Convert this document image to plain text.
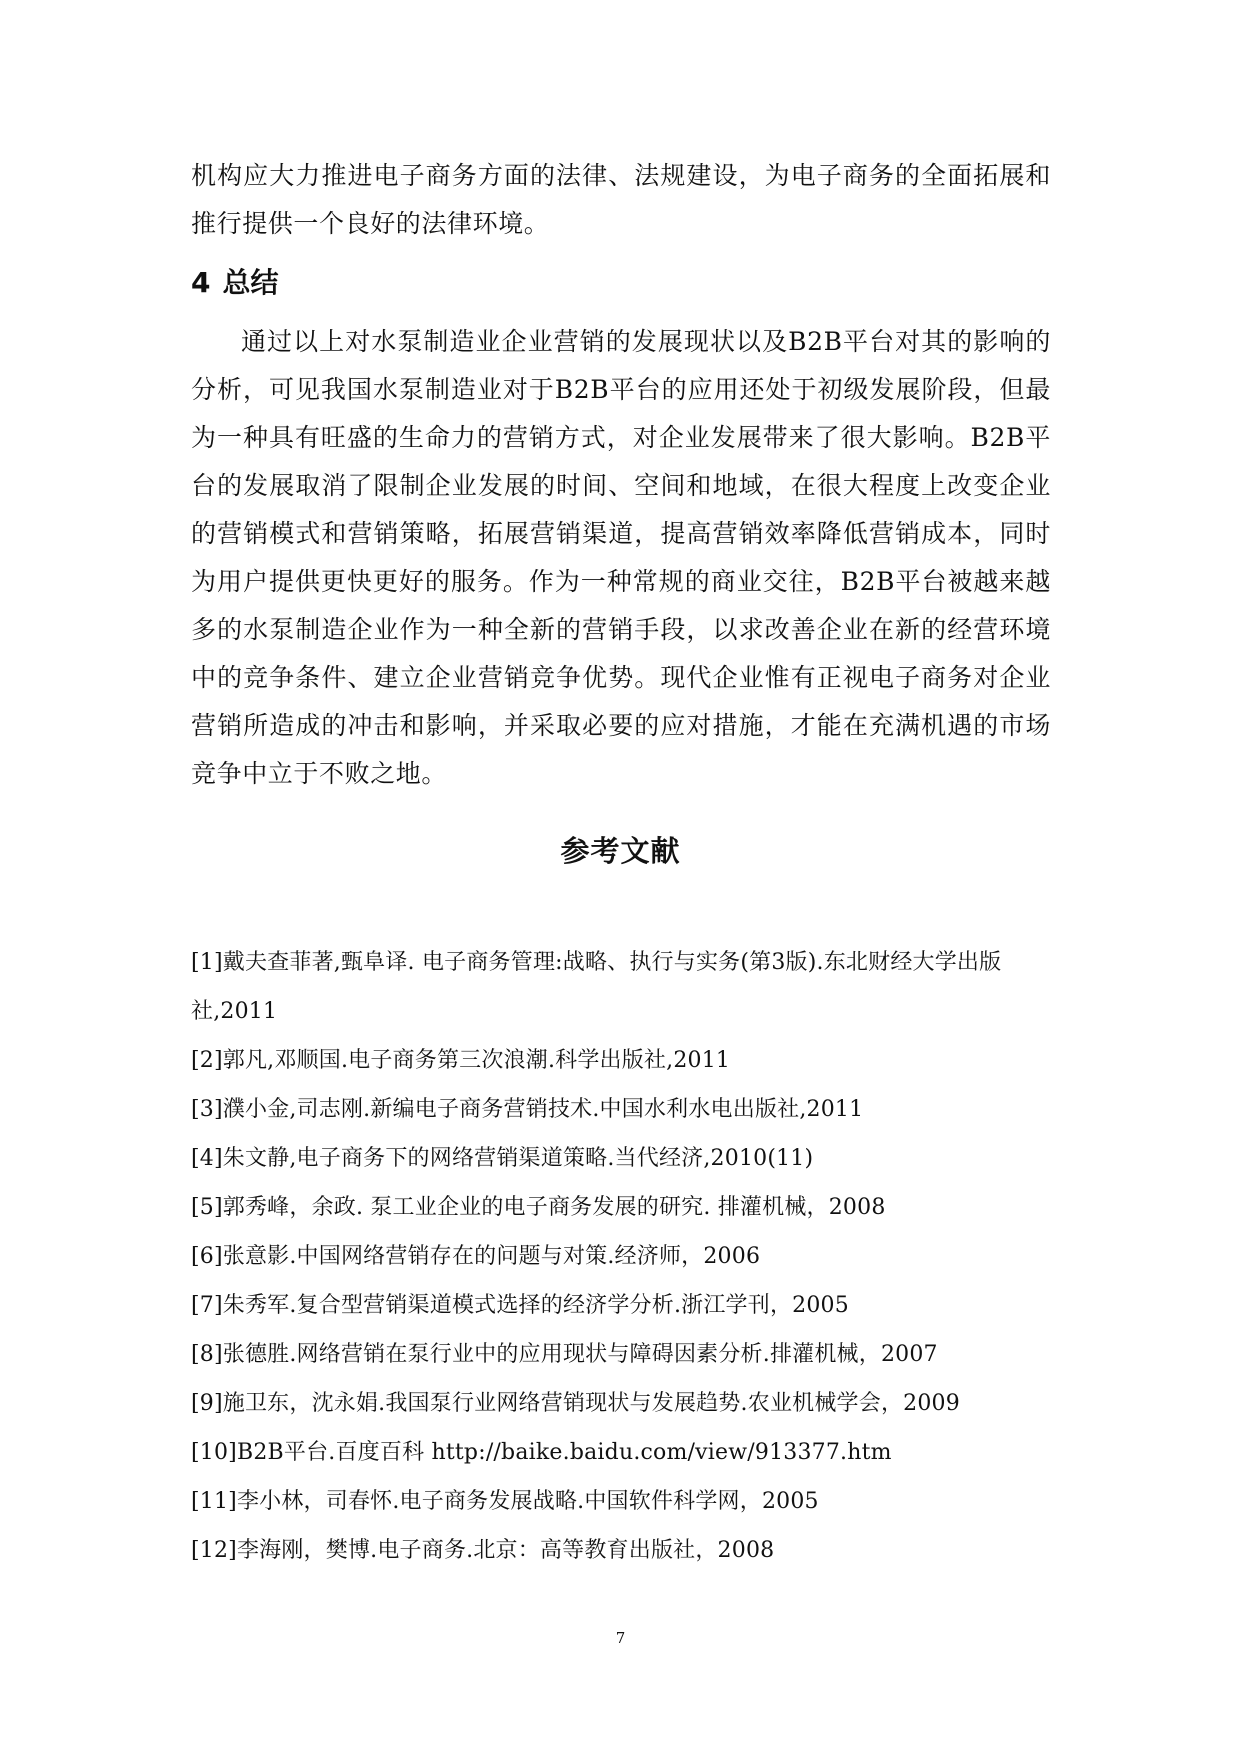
机构应大力推进电子商务方面的法律、法规建设，为电子商务的全面拓展和推行提供一个良好的法律环境。

4 总结

通过以上对水泵制造业企业营销的发展现状以及B2B平台对其的影响的分析，可见我国水泵制造业对于B2B平台的应用还处于初级发展阶段，但最为一种具有旺盛的生命力的营销方式，对企业发展带来了很大影响。B2B平台的发展取消了限制企业发展的时间、空间和地域，在很大程度上改变企业的营销模式和营销策略，拓展营销渠道，提高营销效率降低营销成本，同时为用户提供更快更好的服务。作为一种常规的商业交往，B2B平台被越来越多的水泵制造企业作为一种全新的营销手段，以求改善企业在新的经营环境中的竞争条件、建立企业营销竞争优势。现代企业惟有正视电子商务对企业营销所造成的冲击和影响，并采取必要的应对措施，才能在充满机遇的市场竞争中立于不败之地。

参考文献
[1]戴夫查菲著,甄阜译. 电子商务管理:战略、执行与实务(第3版).东北财经大学出版社,2011
[2]郭凡,邓顺国.电子商务第三次浪潮.科学出版社,2011
[3]濮小金,司志刚.新编电子商务营销技术.中国水利水电出版社,2011
[4]朱文静,电子商务下的网络营销渠道策略.当代经济,2010(11)
[5]郭秀峰，余政. 泵工业企业的电子商务发展的研究. 排灌机械，2008
[6]张意影.中国网络营销存在的问题与对策.经济师，2006
[7]朱秀军.复合型营销渠道模式选择的经济学分析.浙江学刊，2005
[8]张德胜.网络营销在泵行业中的应用现状与障碍因素分析.排灌机械，2007
[9]施卫东，沈永娟.我国泵行业网络营销现状与发展趋势.农业机械学会，2009
[10]B2B平台.百度百科 http://baike.baidu.com/view/913377.htm
[11]李小林，司春怀.电子商务发展战略.中国软件科学网，2005
[12]李海刚，樊博.电子商务.北京：高等教育出版社，2008
7
